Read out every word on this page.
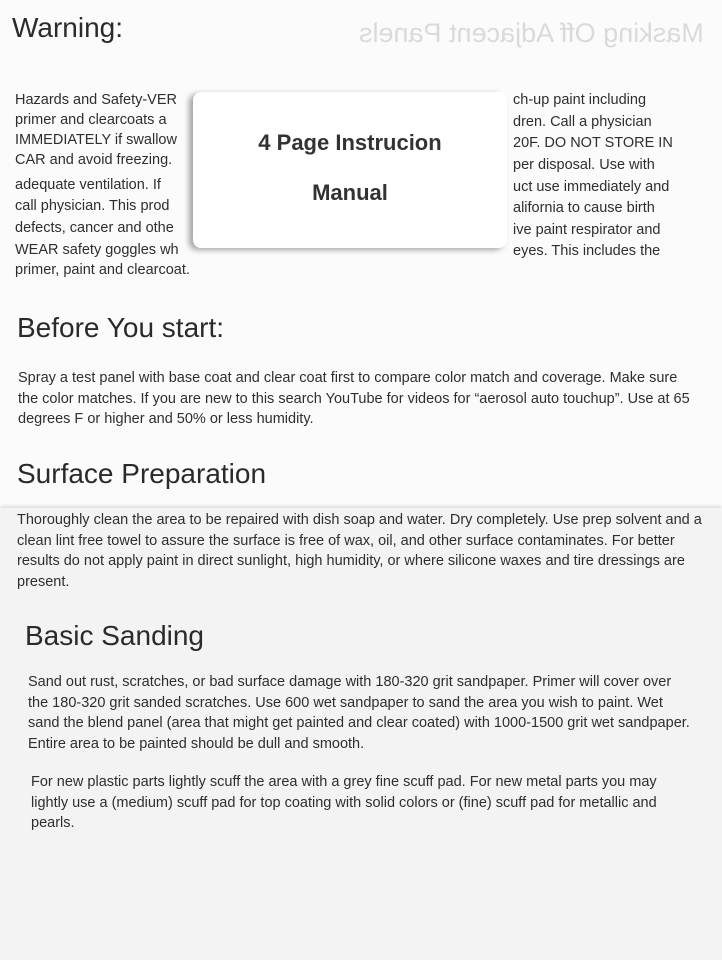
Masking Off Adjacent Panels
Warning:

Hazards and Safety-VER

primer and clearcoats a

IMMEDIATELY if swallow

CAR and avoid freezing.

adequate ventilation. If

call physician. This prod

defects, cancer and othe

WEAR safety goggles wh

primer, paint and clearcoat.

ch-up paint including

dren. Call a physician

20F. DO NOT STORE IN

per disposal. Use with

uct use immediately and

alifornia to cause birth

ive paint respirator and

eyes. This includes the

4 Page Instrucion
Manual
Before You start:

Spray a test panel with base coat and clear coat first to compare color match and coverage. Make sure the color matches. If you are new to this search YouTube for videos for “aerosol auto touchup”. Use at 65 degrees F or higher and 50% or less humidity.

Surface Preparation

Thoroughly clean the area to be repaired with dish soap and water. Dry completely. Use prep solvent and a clean lint free towel to assure the surface is free of wax, oil, and other surface contaminates. For better results do not apply paint in direct sunlight, high humidity, or where silicone waxes and tire dressings are present.

Basic Sanding

Sand out rust, scratches, or bad surface damage with 180-320 grit sandpaper. Primer will cover over the 180-320 grit sanded scratches. Use 600 wet sandpaper to sand the area you wish to paint. Wet sand the blend panel (area that might get painted and clear coated) with 1000-1500 grit wet sandpaper. Entire area to be painted should be dull and smooth.

For new plastic parts lightly scuff the area with a grey fine scuff pad. For new metal parts you may lightly use a (medium) scuff pad for top coating with solid colors or (fine) scuff pad for metallic and pearls.
